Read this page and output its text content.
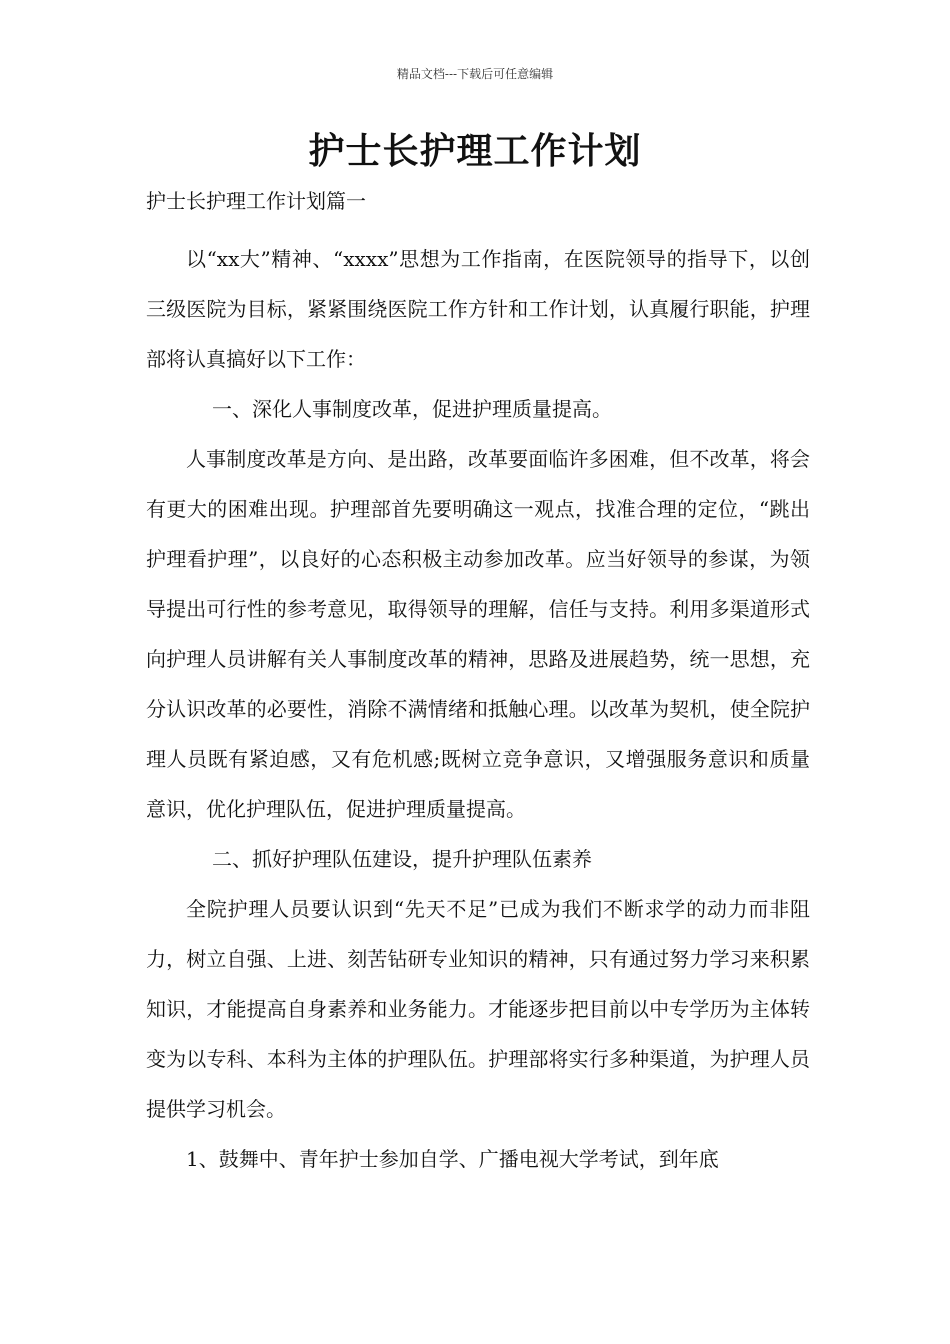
精品文档---下载后可任意编辑
护士长护理工作计划
护士长护理工作计划篇一

以“xx大”精神、“xxxx”思想为工作指南，在医院领导的指导下，以创三级医院为目标，紧紧围绕医院工作方针和工作计划，认真履行职能，护理部将认真搞好以下工作：

一、深化人事制度改革，促进护理质量提高。

人事制度改革是方向、是出路，改革要面临许多困难，但不改革，将会有更大的困难出现。护理部首先要明确这一观点，找准合理的定位，“跳出护理看护理”，以良好的心态积极主动参加改革。应当好领导的参谋，为领导提出可行性的参考意见，取得领导的理解，信任与支持。利用多渠道形式向护理人员讲解有关人事制度改革的精神，思路及进展趋势，统一思想，充分认识改革的必要性，消除不满情绪和抵触心理。以改革为契机，使全院护理人员既有紧迫感，又有危机感;既树立竞争意识，又增强服务意识和质量意识，优化护理队伍，促进护理质量提高。

二、抓好护理队伍建设，提升护理队伍素养

全院护理人员要认识到“先天不足”已成为我们不断求学的动力而非阻力，树立自强、上进、刻苦钻研专业知识的精神，只有通过努力学习来积累知识，才能提高自身素养和业务能力。才能逐步把目前以中专学历为主体转变为以专科、本科为主体的护理队伍。护理部将实行多种渠道，为护理人员提供学习机会。

1、鼓舞中、青年护士参加自学、广播电视大学考试，到年底
